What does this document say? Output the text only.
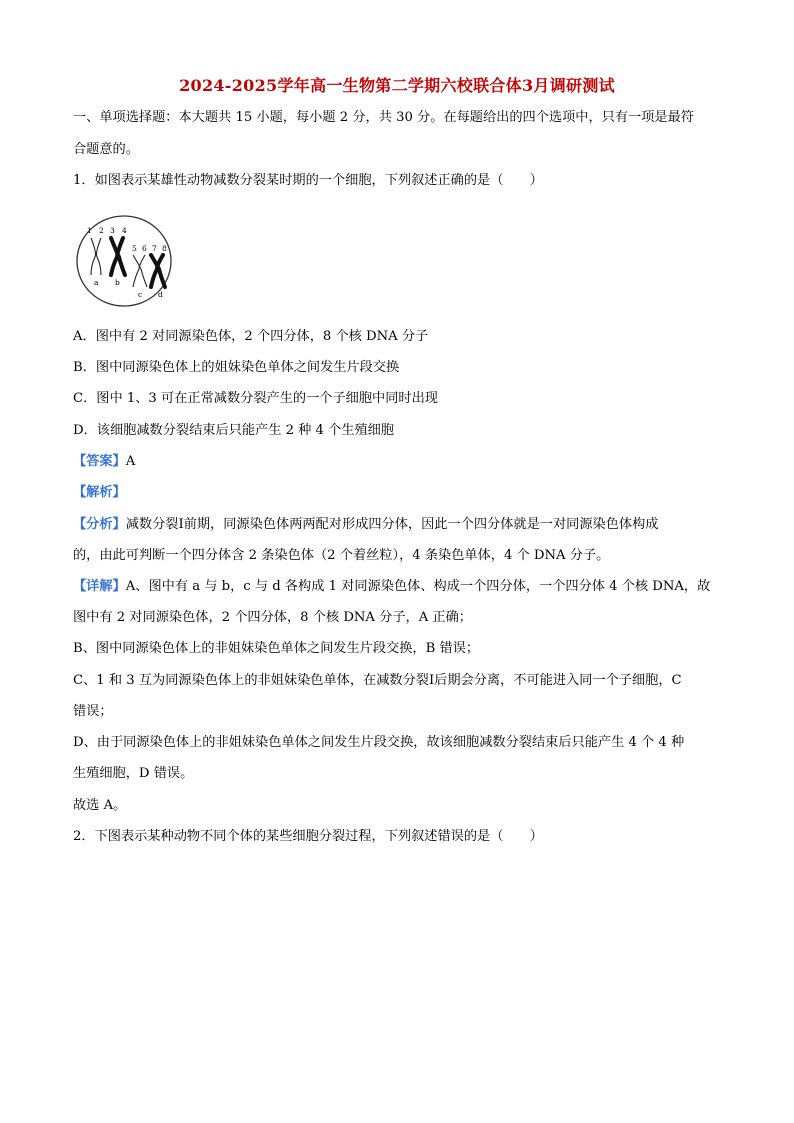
2024-2025学年高一生物第二学期六校联合体3月调研测试
一、单项选择题：本大题共 15 小题，每小题 2 分，共 30 分。在每题给出的四个选项中，只有一项是最符
合题意的。
1．如图表示某雄性动物减数分裂某时期的一个细胞，下列叙述正确的是（　　）
1 2 3 4
5 6 7 8
a b
c d
A．图中有 2 对同源染色体，2 个四分体，8 个核 DNA 分子
B．图中同源染色体上的姐妹染色单体之间发生片段交换
C．图中 1、3 可在正常减数分裂产生的一个子细胞中同时出现
D．该细胞减数分裂结束后只能产生 2 种 4 个生殖细胞
【答案】A
【解析】
【分析】减数分裂Ⅰ前期，同源染色体两两配对形成四分体，因此一个四分体就是一对同源染色体构成
的，由此可判断一个四分体含 2 条染色体（2 个着丝粒），4 条染色单体，4 个 DNA 分子。
【详解】A、图中有 a 与 b，c 与 d 各构成 1 对同源染色体、构成一个四分体，一个四分体 4 个核 DNA，故
图中有 2 对同源染色体，2 个四分体，8 个核 DNA 分子，A 正确；
B、图中同源染色体上的非姐妹染色单体之间发生片段交换，B 错误；
C、1 和 3 互为同源染色体上的非姐妹染色单体，在减数分裂Ⅰ后期会分离，不可能进入同一个子细胞，C
错误；
D、由于同源染色体上的非姐妹染色单体之间发生片段交换，故该细胞减数分裂结束后只能产生 4 个 4 种
生殖细胞，D 错误。
故选 A。
2．下图表示某种动物不同个体的某些细胞分裂过程，下列叙述错误的是（　　）
